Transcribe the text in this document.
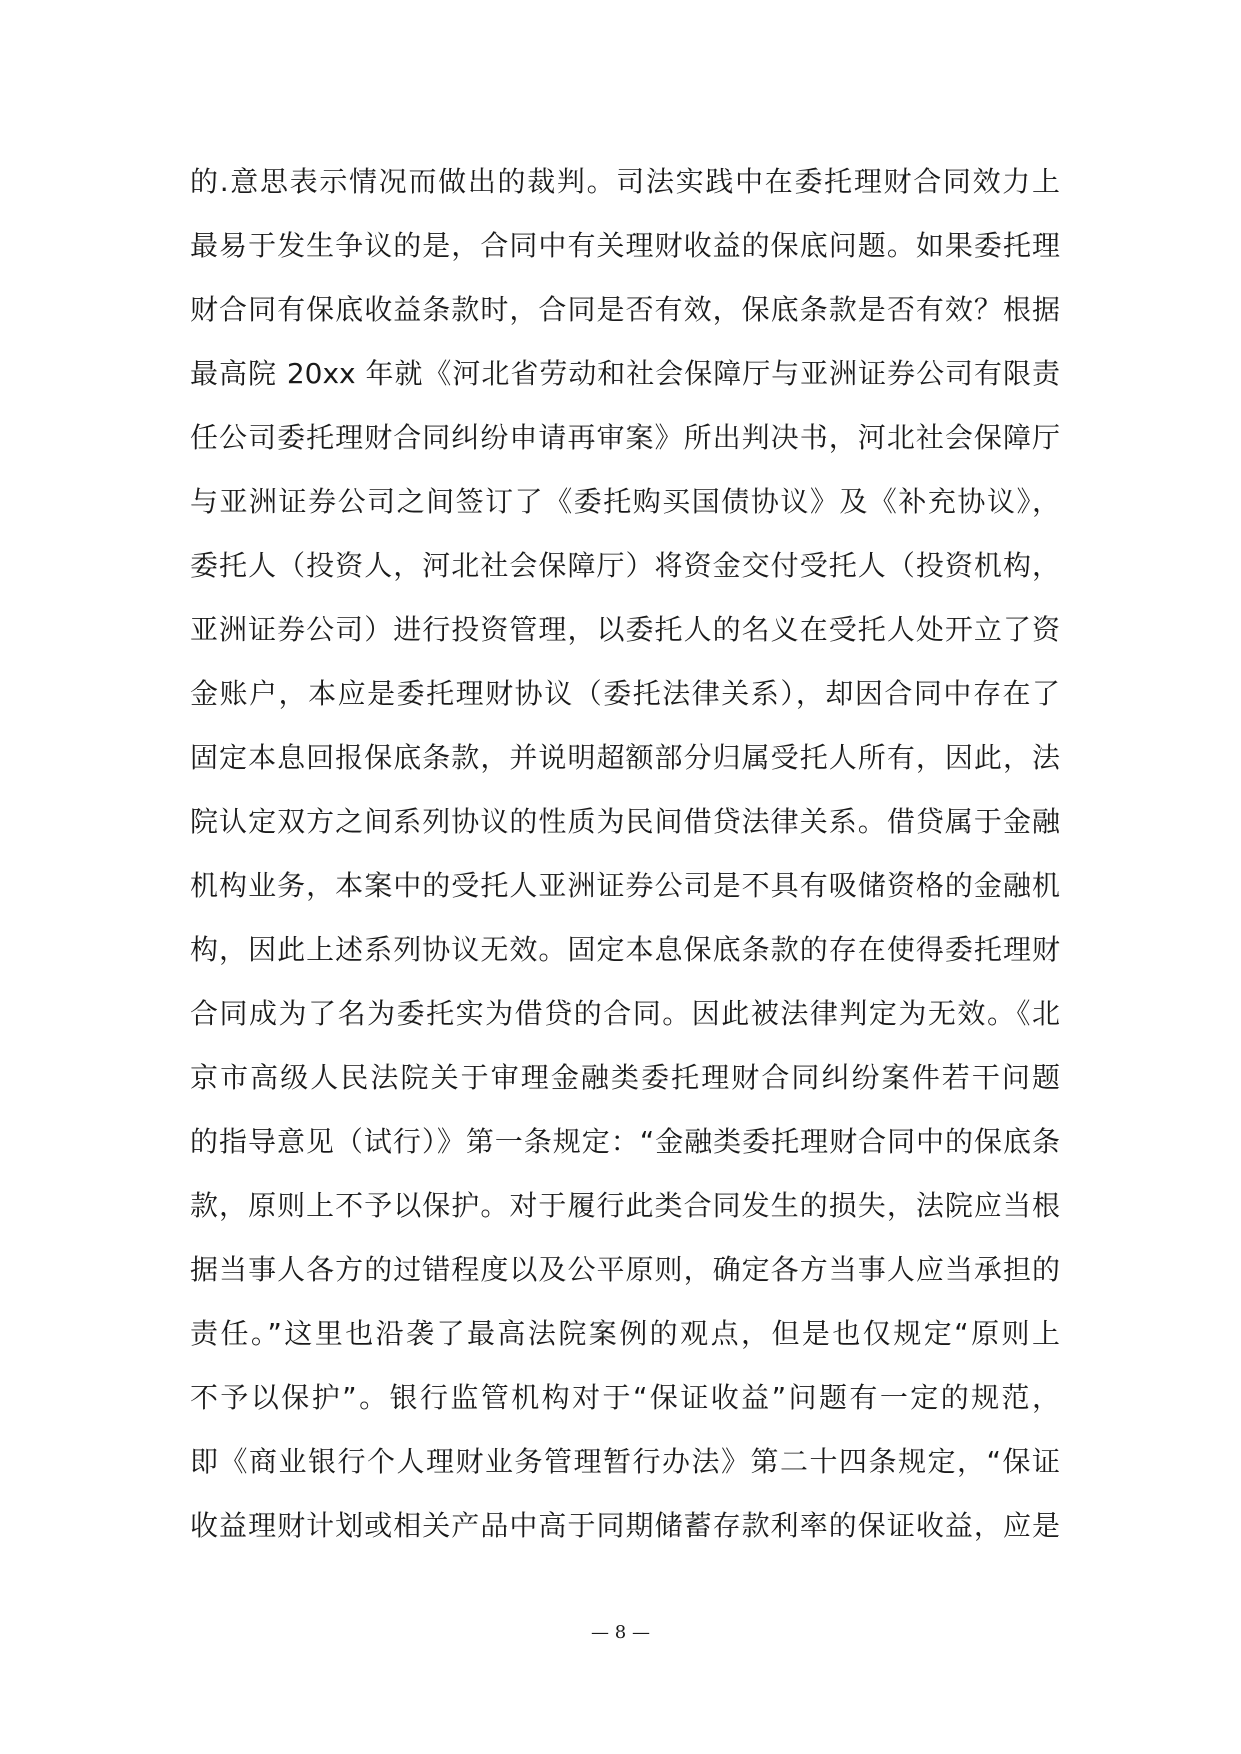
的.意思表示情况而做出的裁判。司法实践中在委托理财合同效力上
最易于发生争议的是，合同中有关理财收益的保底问题。如果委托理
财合同有保底收益条款时，合同是否有效，保底条款是否有效？根据
最高院 20xx 年就《河北省劳动和社会保障厅与亚洲证券公司有限责
任公司委托理财合同纠纷申请再审案》所出判决书，河北社会保障厅
与亚洲证券公司之间签订了《委托购买国债协议》及《补充协议》，
委托人（投资人，河北社会保障厅）将资金交付受托人（投资机构，
亚洲证券公司）进行投资管理，以委托人的名义在受托人处开立了资
金账户，本应是委托理财协议（委托法律关系），却因合同中存在了
固定本息回报保底条款，并说明超额部分归属受托人所有，因此，法
院认定双方之间系列协议的性质为民间借贷法律关系。借贷属于金融
机构业务，本案中的受托人亚洲证券公司是不具有吸储资格的金融机
构，因此上述系列协议无效。固定本息保底条款的存在使得委托理财
合同成为了名为委托实为借贷的合同。因此被法律判定为无效。《北
京市高级人民法院关于审理金融类委托理财合同纠纷案件若干问题
的指导意见（试行）》第一条规定：“金融类委托理财合同中的保底条
款，原则上不予以保护。对于履行此类合同发生的损失，法院应当根
据当事人各方的过错程度以及公平原则，确定各方当事人应当承担的
责任。”这里也沿袭了最高法院案例的观点，但是也仅规定“原则上
不予以保护”。银行监管机构对于“保证收益”问题有一定的规范，
即《商业银行个人理财业务管理暂行办法》第二十四条规定，“保证
收益理财计划或相关产品中高于同期储蓄存款利率的保证收益，应是
— 8 —
